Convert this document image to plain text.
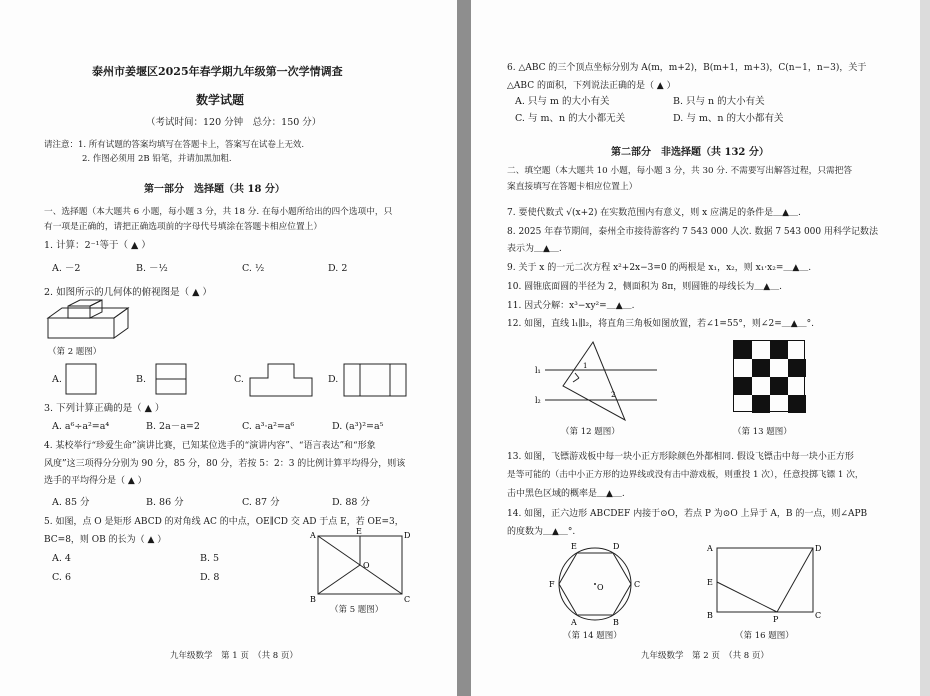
泰州市姜堰区2025年春学期九年级第一次学情调查
数学试题
（考试时间：120 分钟　总分：150 分）
请注意：1. 所有试题的答案均填写在答题卡上，答案写在试卷上无效.
2. 作图必须用 2B 铅笔，并请加黑加粗.
第一部分　选择题（共 18 分）
一、选择题（本大题共 6 小题，每小题 3 分，共 18 分. 在每小题所给出的四个选项中，只
有一项是正确的，请把正确选项前的字母代号填涂在答题卡相应位置上）
1. 计算：2⁻¹等于（ ▲ ）
A. －2	B. －½	C. ½	D. 2
2. 如图所示的几何体的俯视图是（ ▲ ）
（第 2 题图）
A.	B.	C.	D.
3. 下列计算正确的是（ ▲ ）
A. a⁶÷a²=a⁴	B. 2a－a=2	C. a³·a²=a⁶	D. (a³)²=a⁵
4. 某校举行“珍爱生命”演讲比赛，已知某位选手的“演讲内容”、“语言表达”和“形象
风度”这三项得分分别为 90 分，85 分，80 分，若按 5：2：3 的比例计算平均得分，则该
选手的平均得分是（ ▲ ）
A. 85 分	B. 86 分	C. 87 分	D. 88 分
5. 如图，点 O 是矩形 ABCD 的对角线 AC 的中点，OE∥CD 交 AD 于点 E，若 OE=3，
BC=8，则 OB 的长为（ ▲ ）
A. 4	B. 5
C. 6	D. 8
A	E	D
O
B	C
（第 5 题图）
九年级数学　第 1 页　（共 8 页）
6. △ABC 的三个顶点坐标分别为 A(m，m+2)，B(m+1，m+3)，C(n−1，n−3)，关于
△ABC 的面积，下列说法正确的是（ ▲ ）
A. 只与 m 的大小有关	B. 只与 n 的大小有关
C. 与 m、n 的大小都无关	D. 与 m、n 的大小都有关
第二部分　非选择题（共 132 分）
二、填空题（本大题共 10 小题，每小题 3 分，共 30 分. 不需要写出解答过程，只需把答
案直接填写在答题卡相应位置上）
7. 要使代数式 √(x+2) 在实数范围内有意义，则 x 应满足的条件是＿▲＿.
8. 2025 年春节期间，泰州全市接待游客约 7 543 000 人次. 数据 7 543 000 用科学记数法
表示为＿▲＿.
9. 关于 x 的一元二次方程 x²+2x−3=0 的两根是 x₁，x₂，则 x₁·x₂=＿▲＿.
10. 圆锥底面圆的半径为 2，侧面积为 8π，则圆锥的母线长为＿▲＿.
11. 因式分解：x³−xy²=＿▲＿.
12. 如图，直线 l₁∥l₂，将直角三角板如图放置，若∠1=55°，则∠2=＿▲＿°.
l₁
l₂
1
2
（第 12 题图）	（第 13 题图）
13. 如图，飞镖游戏板中每一块小正方形除颜色外都相同. 假设飞镖击中每一块小正方形
是等可能的（击中小正方形的边界线或没有击中游戏板，则重投 1 次），任意投掷飞镖 1 次，
击中黑色区域的概率是＿▲＿.
14. 如图，正六边形 ABCDEF 内接于⊙O，若点 P 为⊙O 上异于 A，B 的一点，则∠APB
的度数为＿▲＿°.
E	D
F	O	C
A	B
（第 14 题图）
A	D
E
B	P	C
（第 16 题图）
九年级数学　第 2 页　（共 8 页）
